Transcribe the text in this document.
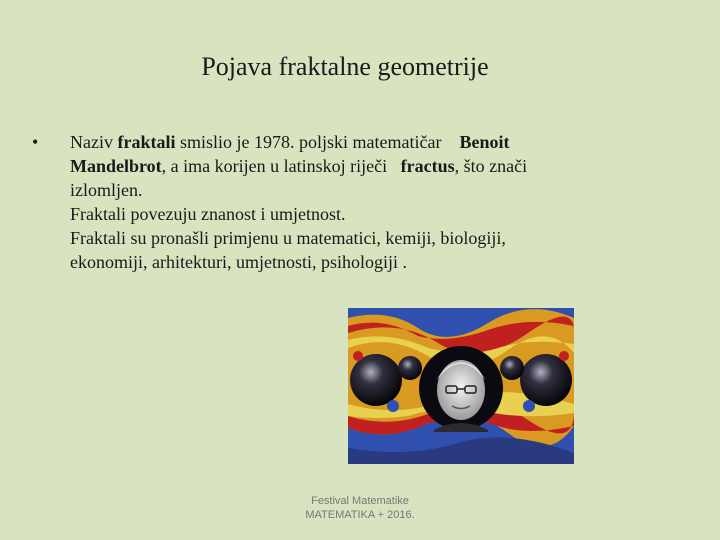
Pojava fraktalne geometrije
• Naziv fraktali smislio je 1978. poljski matematičar    Benoit
Mandelbrot, a ima korijen u latinskoj riječi   fractus, što znači
izlomljen.
Fraktali povezuju znanost i umjetnost.
Fraktali su pronašli primjenu u matematici, kemiji, biologiji,
ekonomiji, arhitekturi, umjetnosti, psihologiji .
Festival Matematike
MATEMATIKA + 2016.
